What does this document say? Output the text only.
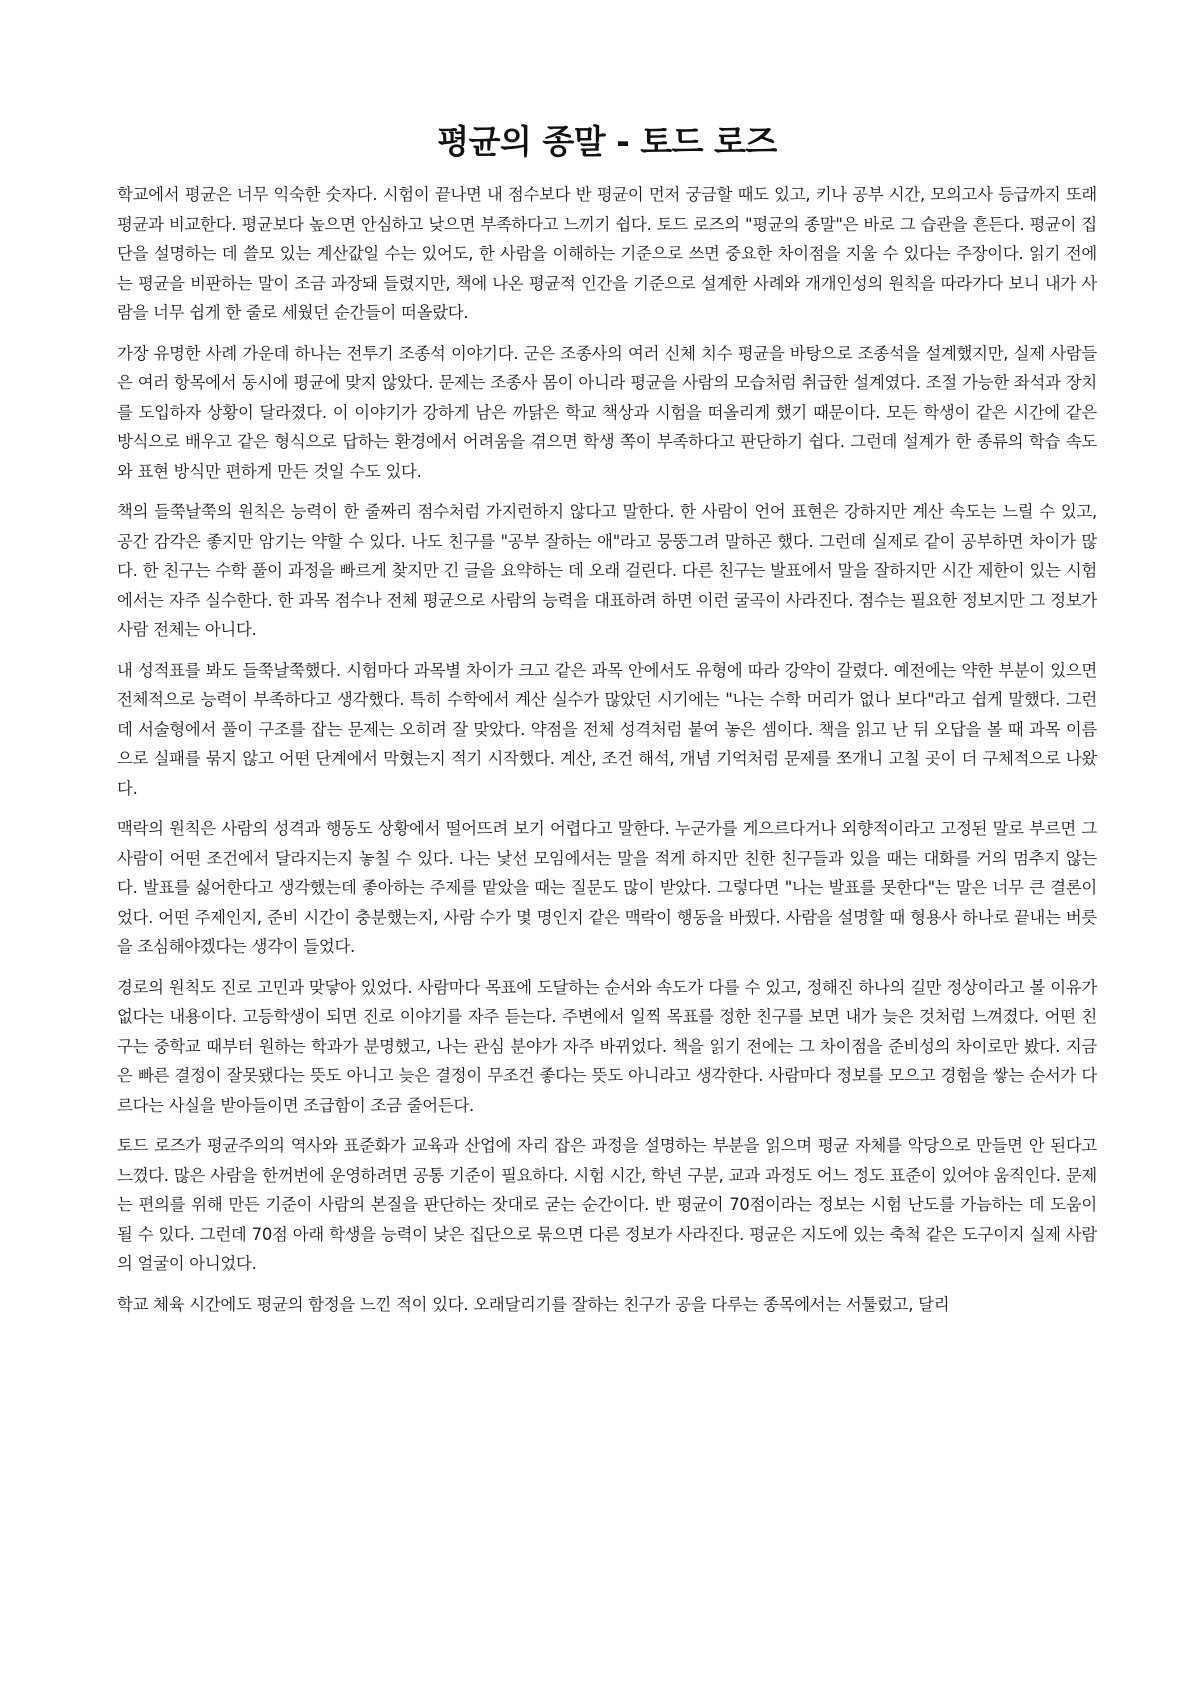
평균의 종말 - 토드 로즈

학교에서 평균은 너무 익숙한 숫자다. 시험이 끝나면 내 점수보다 반 평균이 먼저 궁금할 때도 있고, 키나 공부 시간, 모의고사 등급까지 또래 평균과 비교한다. 평균보다 높으면 안심하고 낮으면 부족하다고 느끼기 쉽다. 토드 로즈의 "평균의 종말"은 바로 그 습관을 흔든다. 평균이 집단을 설명하는 데 쓸모 있는 계산값일 수는 있어도, 한 사람을 이해하는 기준으로 쓰면 중요한 차이점을 지울 수 있다는 주장이다. 읽기 전에는 평균을 비판하는 말이 조금 과장돼 들렸지만, 책에 나온 평균적 인간을 기준으로 설계한 사례와 개개인성의 원칙을 따라가다 보니 내가 사람을 너무 쉽게 한 줄로 세웠던 순간들이 떠올랐다.

가장 유명한 사례 가운데 하나는 전투기 조종석 이야기다. 군은 조종사의 여러 신체 치수 평균을 바탕으로 조종석을 설계했지만, 실제 사람들은 여러 항목에서 동시에 평균에 맞지 않았다. 문제는 조종사 몸이 아니라 평균을 사람의 모습처럼 취급한 설계였다. 조절 가능한 좌석과 장치를 도입하자 상황이 달라졌다. 이 이야기가 강하게 남은 까닭은 학교 책상과 시험을 떠올리게 했기 때문이다. 모든 학생이 같은 시간에 같은 방식으로 배우고 같은 형식으로 답하는 환경에서 어려움을 겪으면 학생 쪽이 부족하다고 판단하기 쉽다. 그런데 설계가 한 종류의 학습 속도와 표현 방식만 편하게 만든 것일 수도 있다.

책의 들쭉날쭉의 원칙은 능력이 한 줄짜리 점수처럼 가지런하지 않다고 말한다. 한 사람이 언어 표현은 강하지만 계산 속도는 느릴 수 있고, 공간 감각은 좋지만 암기는 약할 수 있다. 나도 친구를 "공부 잘하는 애"라고 뭉뚱그려 말하곤 했다. 그런데 실제로 같이 공부하면 차이가 많다. 한 친구는 수학 풀이 과정을 빠르게 찾지만 긴 글을 요약하는 데 오래 걸린다. 다른 친구는 발표에서 말을 잘하지만 시간 제한이 있는 시험에서는 자주 실수한다. 한 과목 점수나 전체 평균으로 사람의 능력을 대표하려 하면 이런 굴곡이 사라진다. 점수는 필요한 정보지만 그 정보가 사람 전체는 아니다.

내 성적표를 봐도 들쭉날쭉했다. 시험마다 과목별 차이가 크고 같은 과목 안에서도 유형에 따라 강약이 갈렸다. 예전에는 약한 부분이 있으면 전체적으로 능력이 부족하다고 생각했다. 특히 수학에서 계산 실수가 많았던 시기에는 "나는 수학 머리가 없나 보다"라고 쉽게 말했다. 그런데 서술형에서 풀이 구조를 잡는 문제는 오히려 잘 맞았다. 약점을 전체 성격처럼 붙여 놓은 셈이다. 책을 읽고 난 뒤 오답을 볼 때 과목 이름으로 실패를 묶지 않고 어떤 단계에서 막혔는지 적기 시작했다. 계산, 조건 해석, 개념 기억처럼 문제를 쪼개니 고칠 곳이 더 구체적으로 나왔다.

맥락의 원칙은 사람의 성격과 행동도 상황에서 떨어뜨려 보기 어렵다고 말한다. 누군가를 게으르다거나 외향적이라고 고정된 말로 부르면 그 사람이 어떤 조건에서 달라지는지 놓칠 수 있다. 나는 낯선 모임에서는 말을 적게 하지만 친한 친구들과 있을 때는 대화를 거의 멈추지 않는다. 발표를 싫어한다고 생각했는데 좋아하는 주제를 맡았을 때는 질문도 많이 받았다. 그렇다면 "나는 발표를 못한다"는 말은 너무 큰 결론이었다. 어떤 주제인지, 준비 시간이 충분했는지, 사람 수가 몇 명인지 같은 맥락이 행동을 바꿨다. 사람을 설명할 때 형용사 하나로 끝내는 버릇을 조심해야겠다는 생각이 들었다.

경로의 원칙도 진로 고민과 맞닿아 있었다. 사람마다 목표에 도달하는 순서와 속도가 다를 수 있고, 정해진 하나의 길만 정상이라고 볼 이유가 없다는 내용이다. 고등학생이 되면 진로 이야기를 자주 듣는다. 주변에서 일찍 목표를 정한 친구를 보면 내가 늦은 것처럼 느껴졌다. 어떤 친구는 중학교 때부터 원하는 학과가 분명했고, 나는 관심 분야가 자주 바뀌었다. 책을 읽기 전에는 그 차이점을 준비성의 차이로만 봤다. 지금은 빠른 결정이 잘못됐다는 뜻도 아니고 늦은 결정이 무조건 좋다는 뜻도 아니라고 생각한다. 사람마다 정보를 모으고 경험을 쌓는 순서가 다르다는 사실을 받아들이면 조급함이 조금 줄어든다.

토드 로즈가 평균주의의 역사와 표준화가 교육과 산업에 자리 잡은 과정을 설명하는 부분을 읽으며 평균 자체를 악당으로 만들면 안 된다고 느꼈다. 많은 사람을 한꺼번에 운영하려면 공통 기준이 필요하다. 시험 시간, 학년 구분, 교과 과정도 어느 정도 표준이 있어야 움직인다. 문제는 편의를 위해 만든 기준이 사람의 본질을 판단하는 잣대로 굳는 순간이다. 반 평균이 70점이라는 정보는 시험 난도를 가늠하는 데 도움이 될 수 있다. 그런데 70점 아래 학생을 능력이 낮은 집단으로 묶으면 다른 정보가 사라진다. 평균은 지도에 있는 축척 같은 도구이지 실제 사람의 얼굴이 아니었다.

학교 체육 시간에도 평균의 함정을 느낀 적이 있다. 오래달리기를 잘하는 친구가 공을 다루는 종목에서는 서툴렀고, 달리
